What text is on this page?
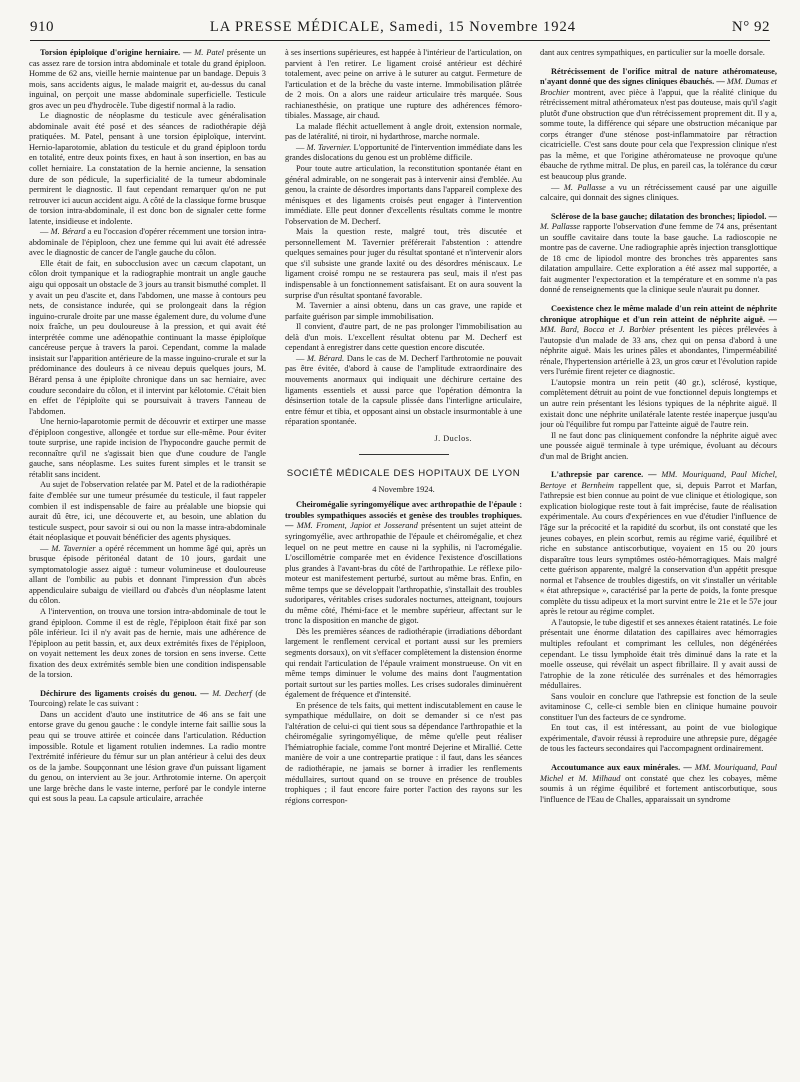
910	LA PRESSE MÉDICALE, Samedi, 15 Novembre 1924	N° 92

Torsion épiploïque d'origine herniaire. — M. Patel présente un cas assez rare de torsion intra abdominale et totale du grand épiploon. Homme de 62 ans, vieille hernie maintenue par un bandage. Depuis 3 mois, sans accidents aigus, le malade maigrit et, au-dessus du canal inguinal, on perçoit une masse abdominale superficielle. Testicule gros avec un peu d'hydrocèle. Tube digestif normal à la radio.

Le diagnostic de néoplasme du testicule avec généralisation abdominale avait été posé et des séances de radiothérapie déjà pratiquées. M. Patel, pensant à une torsion épiploïque, intervint. Hernio-laparotomie, ablation du testicule et du grand épiploon tordu en totalité, entre deux points fixes, en haut à son insertion, en bas au collet herniaire. La constatation de la hernie ancienne, la sensation dure de son pédicule, la superficialité de la tumeur abdominale permirent le diagnostic. Il faut cependant remarquer qu'on ne put retrouver ici aucun accident aigu. A côté de la classique forme brusque de torsion intra-abdominale, il est donc bon de signaler cette forme latente, insidieuse et indolente.

— M. Bérard a eu l'occasion d'opérer récemment une torsion intra-abdominale de l'épiploon, chez une femme qui lui avait été adressée avec le diagnostic de cancer de l'angle gauche du côlon.

Elle était de fait, en subocclusion avec un cæcum clapotant, un côlon droit tympanique et la radiographie montrait un angle gauche aigu qui opposait un obstacle de 3 jours au transit bismuthé complet. Il y avait un peu d'ascite et, dans l'abdomen, une masse à contours peu nets, de consistance indurée, qui se prolongeait dans la région inguino-crurale droite par une masse également dure, du volume d'une noix fraîche, un peu douloureuse à la pression, et qui avait été interprétée comme une adénopathie continuant la masse épiploïque cancéreuse perçue à travers la paroi. Cependant, comme la malade insistait sur l'apparition antérieure de la masse inguino-crurale et sur la prédominance des douleurs à ce niveau depuis quelques jours, M. Bérard pensa à une épiploïte chronique dans un sac herniaire, avec coudure secondaire du côlon, et il intervint par kélotomie. C'était bien en effet de l'épiploïte qui se poursuivait à travers l'anneau de l'abdomen.

Une hernio-laparotomie permit de découvrir et extirper une masse d'épiploon congestive, allongée et tordue sur elle-même. Pour éviter toute surprise, une rapide incision de l'hypocondre gauche permit de reconnaître qu'il ne s'agissait bien que d'une coudure de l'angle gauche, sans néoplasme. Les suites furent simples et le transit se rétablit sans incident.

Au sujet de l'observation relatée par M. Patel et de la radiothérapie faite d'emblée sur une tumeur présumée du testicule, il faut rappeler combien il est indispensable de faire au préalable une biopsie qui aurait dû être, ici, une découverte et, au besoin, une ablation du testicule suspect, pour savoir si oui ou non la masse intra-abdominale était néoplasique et pouvait bénéficier des agents physiques.

— M. Tavernier a opéré récemment un homme âgé qui, après un brusque épisode péritonéal datant de 10 jours, gardait une symptomatologie assez aiguë : tumeur volumineuse et douloureuse allant de l'ombilic au pubis et donnant l'impression d'un abcès appendiculaire subaigu de vieillard ou d'abcès d'un néoplasme latent du côlon.

A l'intervention, on trouva une torsion intra-abdominale de tout le grand épiploon. Comme il est de règle, l'épiploon était fixé par son pôle inférieur. Ici il n'y avait pas de hernie, mais une adhérence de l'épiploon au petit bassin, et, aux deux extrémités fixes de l'épiploon, on voyait nettement les deux zones de torsion en sens inverse. Cette fixation des deux extrémités semble bien une condition indispensable de la torsion.

Déchirure des ligaments croisés du genou. — M. Decherf (de Tourcoing) relate le cas suivant :

Dans un accident d'auto une institutrice de 46 ans se fait une entorse grave du genou gauche : le condyle interne fait saillie sous la peau qui se trouve attirée et coincée dans l'articulation. Réduction impossible. Rotule et ligament rotulien indemnes. La radio montre l'extrémité inférieure du fémur sur un plan antérieur à celui des deux os de la jambe. Soupçonnant une lésion grave d'un puissant ligament du genou, on intervient au 3e jour. Arthrotomie interne. On aperçoit une large brèche dans le vaste interne, perforé par le condyle interne qui est sous la peau. La capsule articulaire, arrachée

à ses insertions supérieures, est happée à l'intérieur de l'articulation, on parvient à l'en retirer. Le ligament croisé antérieur est déchiré totalement, avec peine on arrive à le suturer au catgut. Fermeture de l'articulation et de la brèche du vaste interne. Immobilisation plâtrée de 2 mois. On a alors une raideur articulaire très marquée. Sous rachianesthésie, on pratique une rupture des adhérences fémoro-tibiales. Massage, air chaud.

La malade fléchit actuellement à angle droit, extension normale, pas de latéralité, ni tiroir, ni hydarthrose, marche normale.

— M. Tavernier. L'opportunité de l'intervention immédiate dans les grandes dislocations du genou est un problème difficile.

Pour toute autre articulation, la reconstitution spontanée étant en général admirable, on ne songerait pas à intervenir ainsi d'emblée. Au genou, la crainte de désordres importants dans l'appareil complexe des ménisques et des ligaments croisés peut engager à l'intervention immédiate. Elle peut donner d'excellents résultats comme le montre l'observation de M. Decherf.

Mais la question reste, malgré tout, très discutée et personnellement M. Tavernier préférerait l'abstention : attendre quelques semaines pour juger du résultat spontané et n'intervenir alors que s'il subsiste une grande laxité ou des désordres méniscaux. Le ligament croisé rompu ne se restaurera pas seul, mais il n'est pas indispensable à un fonctionnement satisfaisant. Et on aura souvent la surprise d'un résultat spontané favorable.

M. Tavernier a ainsi obtenu, dans un cas grave, une rapide et parfaite guérison par simple immobilisation.

Il convient, d'autre part, de ne pas prolonger l'immobilisation au delà d'un mois. L'excellent résultat obtenu par M. Decherf est cependant à enregistrer dans cette question encore discutée.

— M. Bérard. Dans le cas de M. Decherf l'arthrotomie ne pouvait pas être évitée, d'abord à cause de l'amplitude extraordinaire des mouvements anormaux qui indiquait une déchirure certaine des ligaments essentiels et aussi parce que l'opération démontra la désinsertion totale de la capsule plissée dans l'interligne articulaire, entre fémur et tibia, et opposant ainsi un obstacle insurmontable à une réparation spontanée.

J. Duclos.
SOCIÉTÉ MÉDICALE DES HOPITAUX DE LYON
4 Novembre 1924.

Cheiromégalie syringomyélique avec arthropathie de l'épaule : troubles sympathiques associés et genèse des troubles trophiques. — MM. Froment, Japiot et Josserand présentent un sujet atteint de syringomyélie, avec arthropathie de l'épaule et chéiromégalie, et chez lequel on ne peut mettre en cause ni la syphilis, ni l'acromégalie. L'oscillométrie comparée met en évidence l'existence d'oscillations plus grandes à l'avant-bras du côté de l'arthropathie. Le réflexe pilo-moteur est manifestement perturbé, surtout au même bras. Enfin, en même temps que se développait l'arthropathie, s'installait des troubles sudoripares, véritables crises sudorales nocturnes, atteignant, toujours du même côté, l'hémi-face et le membre supérieur, affectant sur le tronc la disposition en manche de gigot.

Dès les premières séances de radiothérapie (irradiations débordant largement le renflement cervical et portant aussi sur les premiers segments dorsaux), on vit s'effacer complètement la distension énorme qui rendait l'articulation de l'épaule vraiment monstrueuse. On vit en même temps diminuer le volume des mains dont l'augmentation portait surtout sur les parties molles. Les crises sudorales diminuèrent également de fréquence et d'intensité.

En présence de tels faits, qui mettent indiscutablement en cause le sympathique médullaire, on doit se demander si ce n'est pas l'altération de celui-ci qui tient sous sa dépendance l'arthropathie et la chéiromégalie syringomyélique, de même qu'elle peut réaliser l'hémiatrophie faciale, comme l'ont montré Dejerine et Mirallié. Cette manière de voir a une contrepartie pratique : il faut, dans les séances de radiothérapie, ne jamais se borner à irradier les renflements médullaires, surtout quand on se trouve en présence de troubles trophiques ; il faut encore faire porter l'action des rayons sur les régions correspon-

dant aux centres sympathiques, en particulier sur la moelle dorsale.

Rétrécissement de l'orifice mitral de nature athéromateuse, n'ayant donné que des signes cliniques ébauchés. — MM. Dumas et Brochier montrent, avec pièce à l'appui, que la réalité clinique du rétrécissement mitral athéromateux n'est pas douteuse, mais qu'il s'agit plutôt d'une obstruction que d'un rétrécissement proprement dit. Il y a, somme toute, la différence qui sépare une obstruction mécanique par corps étranger d'une sténose post-inflammatoire par rétraction cicatricielle. C'est sans doute pour cela que l'expression clinique n'est pas la même, et que l'origine athéromateuse ne provoque qu'une ébauche de rythme mitral. De plus, en pareil cas, la tolérance du cœur est beaucoup plus grande.

— M. Pallasse a vu un rétrécissement causé par une aiguille calcaire, qui donnait des signes cliniques.

Sclérose de la base gauche; dilatation des bronches; lipiodol. — M. Pallasse rapporte l'observation d'une femme de 74 ans, présentant un souffle cavitaire dans toute la base gauche. La radioscopie ne montre pas de caverne. Une radiographie après injection transglottique de 18 cmc de lipiodol montre des bronches très apparentes sans dilatation ampullaire. Cette exploration a été assez mal supportée, a fait augmenter l'expectoration et la température et en somme n'a pas donné de renseignements que la clinique seule n'aurait pu donner.

Coexistence chez le même malade d'un rein atteint de néphrite chronique atrophique et d'un rein atteint de néphrite aiguë. — MM. Bard, Bocca et J. Barbier présentent les pièces prélevées à l'autopsie d'un malade de 33 ans, chez qui on pensa d'abord à une néphrite aiguë. Mais les urines pâles et abondantes, l'imperméabilité rénale, l'hypertension artérielle à 23, un gros cœur et l'évolution rapide vers l'urémie firent rejeter ce diagnostic.

L'autopsie montra un rein petit (40 gr.), sclérosé, kystique, complètement détruit au point de vue fonctionnel depuis longtemps et un autre rein présentant les lésions typiques de la néphrite aiguë. Il existait donc une néphrite unilatérale latente restée inaperçue jusqu'au jour où l'équilibre fut rompu par l'atteinte aiguë de l'autre rein.

Il ne faut donc pas cliniquement confondre la néphrite aiguë avec une poussée aiguë terminale à type urémique, évoluant au décours d'un mal de Bright ancien.

L'athrepsie par carence. — MM. Mouriquand, Paul Michel, Bertoye et Bernheim rappellent que, si, depuis Parrot et Marfan, l'athrepsie est bien connue au point de vue clinique et étiologique, son explication biologique reste tout à fait imprécise, faute de réalisation expérimentale. Au cours d'expériences en vue d'étudier l'influence de l'âge sur la précocité et la rapidité du scorbut, ils ont constaté que les jeunes cobayes, en plein scorbut, remis au régime varié, équilibré et riche en substance antiscorbutique, voyaient en 15 ou 20 jours disparaître tous leurs symptômes ostéo-hémorragiques. Mais malgré cette guérison apparente, malgré la conservation d'un appétit presque normal et l'absence de troubles digestifs, on vit s'installer un véritable « état athrepsique », caractérisé par la perte de poids, la fonte presque complète du tissu adipeux et la mort survint entre le 21e et le 57e jour après le retour au régime complet.

A l'autopsie, le tube digestif et ses annexes étaient ratatinés. Le foie présentait une énorme dilatation des capillaires avec hémorragies multiples refoulant et comprimant les cellules, non dégénérées cependant. Le tissu lymphoïde était très diminué dans la rate et la moelle osseuse, qui révélait un aspect fibrillaire. Il y avait aussi de l'atrophie de la zone réticulée des surrénales et des hémorragies médullaires.

Sans vouloir en conclure que l'athrepsie est fonction de la seule avitaminose C, celle-ci semble bien en clinique humaine pouvoir constituer l'un des facteurs de ce syndrome.

En tout cas, il est intéressant, au point de vue biologique expérimentale, d'avoir réussi à reproduire une athrepsie pure, dégagée de tous les facteurs secondaires qui l'accompagnent ordinairement.

Accoutumance aux eaux minérales. — MM. Mouriquand, Paul Michel et M. Milhaud ont constaté que chez les cobayes, même soumis à un régime équilibré et fortement antiscorbutique, sous l'influence de l'Eau de Challes, apparaissait un syndrome
